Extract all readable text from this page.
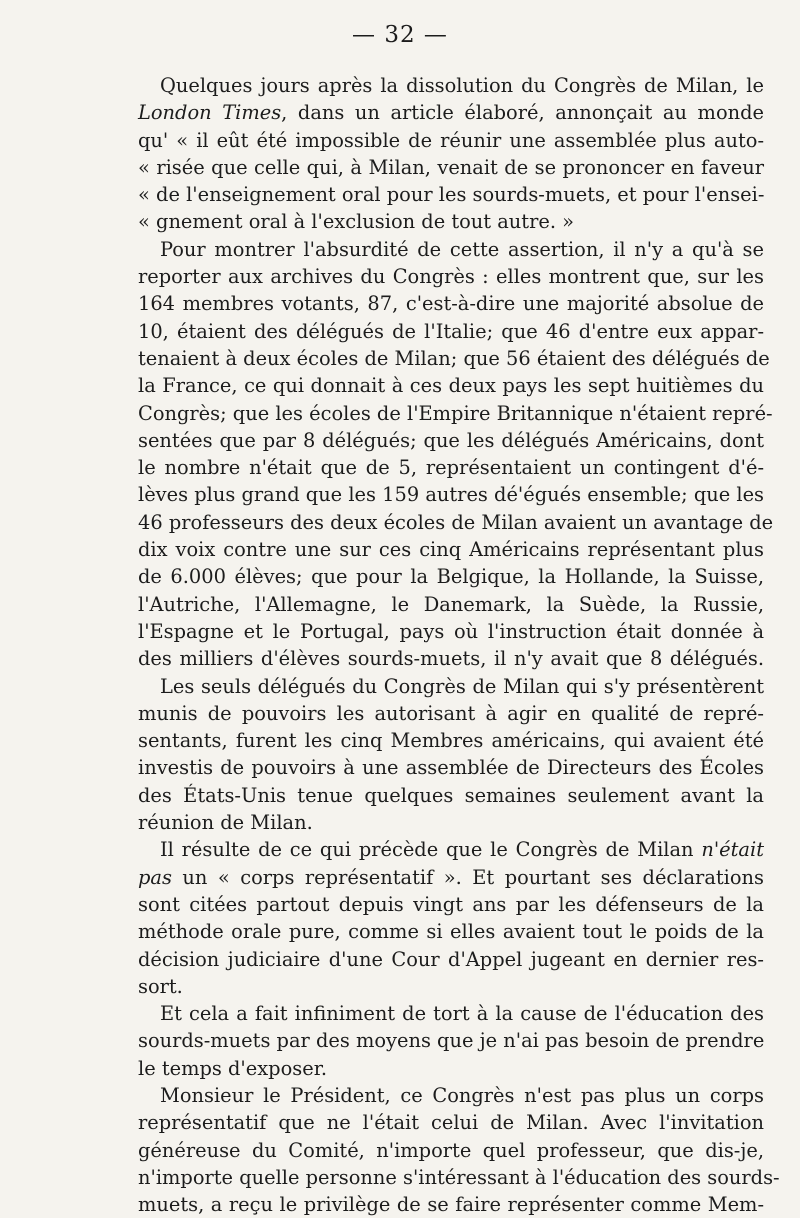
— 32 —
Quelques jours après la dissolution du Congrès de Milan, le
London Times, dans un article élaboré, annonçait au monde
qu' « il eût été impossible de réunir une assemblée plus auto-
« risée que celle qui, à Milan, venait de se prononcer en faveur
« de l'enseignement oral pour les sourds-muets, et pour l'ensei-
« gnement oral à l'exclusion de tout autre. »
Pour montrer l'absurdité de cette assertion, il n'y a qu'à se
reporter aux archives du Congrès : elles montrent que, sur les
164 membres votants, 87, c'est-à-dire une majorité absolue de
10, étaient des délégués de l'Italie; que 46 d'entre eux appar-
tenaient à deux écoles de Milan; que 56 étaient des délégués de
la France, ce qui donnait à ces deux pays les sept huitièmes du
Congrès; que les écoles de l'Empire Britannique n'étaient repré-
sentées que par 8 délégués; que les délégués Américains, dont
le nombre n'était que de 5, représentaient un contingent d'é-
lèves plus grand que les 159 autres dé'égués ensemble; que les
46 professeurs des deux écoles de Milan avaient un avantage de
dix voix contre une sur ces cinq Américains représentant plus
de 6.000 élèves; que pour la Belgique, la Hollande, la Suisse,
l'Autriche, l'Allemagne, le Danemark, la Suède, la Russie,
l'Espagne et le Portugal, pays où l'instruction était donnée à
des milliers d'élèves sourds-muets, il n'y avait que 8 délégués.
Les seuls délégués du Congrès de Milan qui s'y présentèrent
munis de pouvoirs les autorisant à agir en qualité de repré-
sentants, furent les cinq Membres américains, qui avaient été
investis de pouvoirs à une assemblée de Directeurs des Écoles
des États-Unis tenue quelques semaines seulement avant la
réunion de Milan.
Il résulte de ce qui précède que le Congrès de Milan n'était
pas un « corps représentatif ». Et pourtant ses déclarations
sont citées partout depuis vingt ans par les défenseurs de la
méthode orale pure, comme si elles avaient tout le poids de la
décision judiciaire d'une Cour d'Appel jugeant en dernier res-
sort.
Et cela a fait infiniment de tort à la cause de l'éducation des
sourds-muets par des moyens que je n'ai pas besoin de prendre
le temps d'exposer.
Monsieur le Président, ce Congrès n'est pas plus un corps
représentatif que ne l'était celui de Milan. Avec l'invitation
généreuse du Comité, n'importe quel professeur, que dis-je,
n'importe quelle personne s'intéressant à l'éducation des sourds-
muets, a reçu le privilège de se faire représenter comme Mem-
